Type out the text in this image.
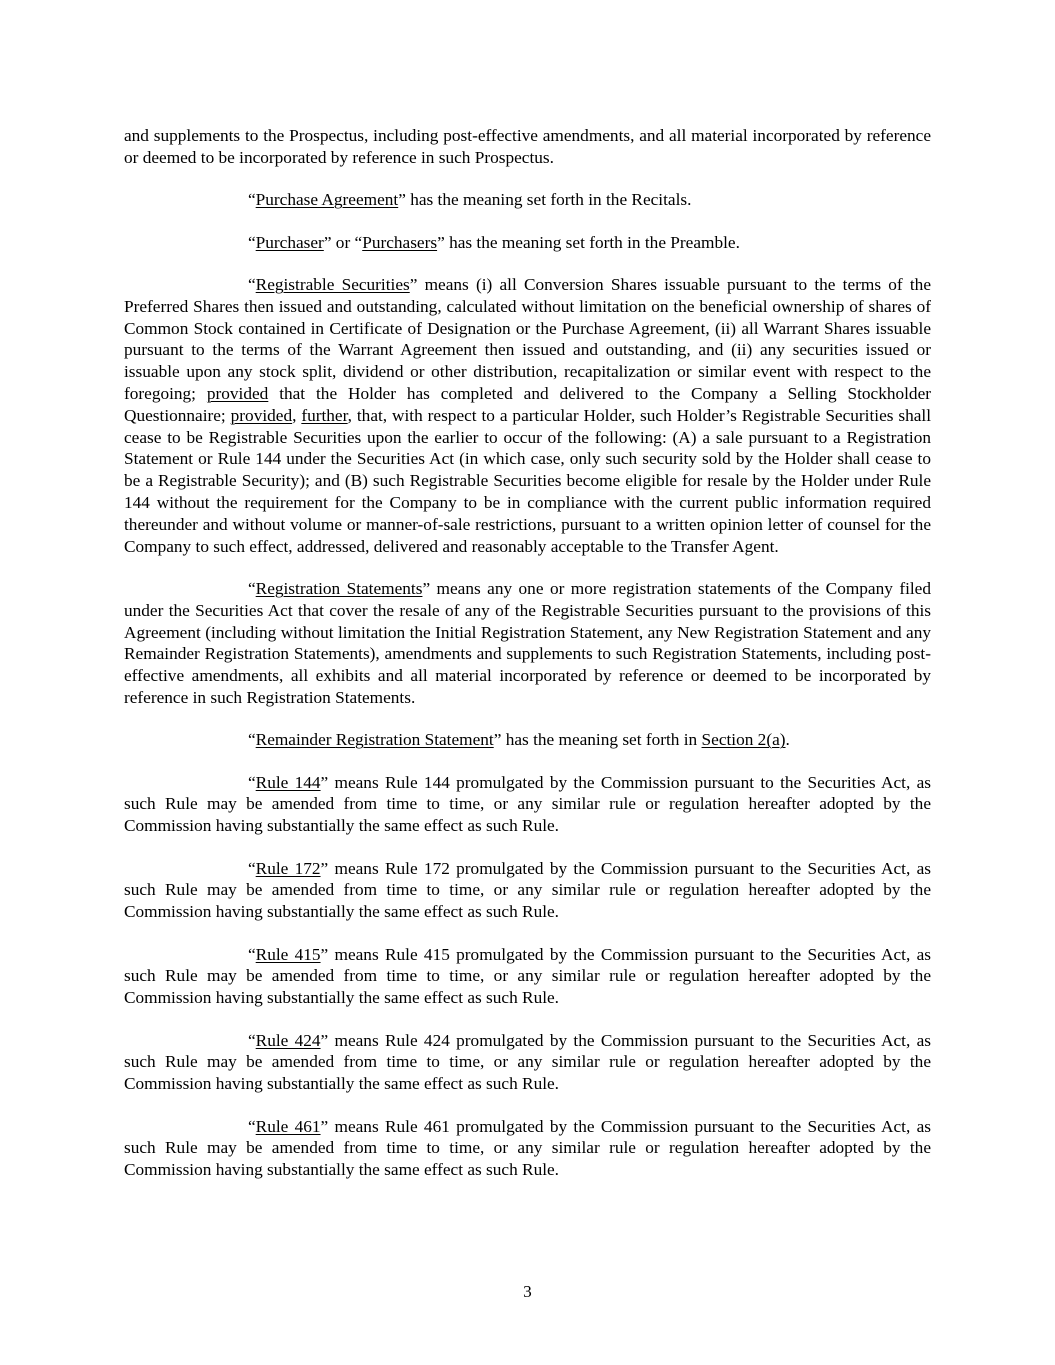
and supplements to the Prospectus, including post-effective amendments, and all material incorporated by reference or deemed to be incorporated by reference in such Prospectus.

“Purchase Agreement” has the meaning set forth in the Recitals.

“Purchaser” or “Purchasers” has the meaning set forth in the Preamble.

“Registrable Securities” means (i) all Conversion Shares issuable pursuant to the terms of the Preferred Shares then issued and outstanding, calculated without limitation on the beneficial ownership of shares of Common Stock contained in Certificate of Designation or the Purchase Agreement, (ii) all Warrant Shares issuable pursuant to the terms of the Warrant Agreement then issued and outstanding, and (ii) any securities issued or issuable upon any stock split, dividend or other distribution, recapitalization or similar event with respect to the foregoing; provided that the Holder has completed and delivered to the Company a Selling Stockholder Questionnaire; provided, further, that, with respect to a particular Holder, such Holder’s Registrable Securities shall cease to be Registrable Securities upon the earlier to occur of the following: (A) a sale pursuant to a Registration Statement or Rule 144 under the Securities Act (in which case, only such security sold by the Holder shall cease to be a Registrable Security); and (B) such Registrable Securities become eligible for resale by the Holder under Rule 144 without the requirement for the Company to be in compliance with the current public information required thereunder and without volume or manner-of-sale restrictions, pursuant to a written opinion letter of counsel for the Company to such effect, addressed, delivered and reasonably acceptable to the Transfer Agent.

“Registration Statements” means any one or more registration statements of the Company filed under the Securities Act that cover the resale of any of the Registrable Securities pursuant to the provisions of this Agreement (including without limitation the Initial Registration Statement, any New Registration Statement and any Remainder Registration Statements), amendments and supplements to such Registration Statements, including post-effective amendments, all exhibits and all material incorporated by reference or deemed to be incorporated by reference in such Registration Statements.

“Remainder Registration Statement” has the meaning set forth in Section 2(a).

“Rule 144” means Rule 144 promulgated by the Commission pursuant to the Securities Act, as such Rule may be amended from time to time, or any similar rule or regulation hereafter adopted by the Commission having substantially the same effect as such Rule.

“Rule 172” means Rule 172 promulgated by the Commission pursuant to the Securities Act, as such Rule may be amended from time to time, or any similar rule or regulation hereafter adopted by the Commission having substantially the same effect as such Rule.

“Rule 415” means Rule 415 promulgated by the Commission pursuant to the Securities Act, as such Rule may be amended from time to time, or any similar rule or regulation hereafter adopted by the Commission having substantially the same effect as such Rule.

“Rule 424” means Rule 424 promulgated by the Commission pursuant to the Securities Act, as such Rule may be amended from time to time, or any similar rule or regulation hereafter adopted by the Commission having substantially the same effect as such Rule.

“Rule 461” means Rule 461 promulgated by the Commission pursuant to the Securities Act, as such Rule may be amended from time to time, or any similar rule or regulation hereafter adopted by the Commission having substantially the same effect as such Rule.

3
